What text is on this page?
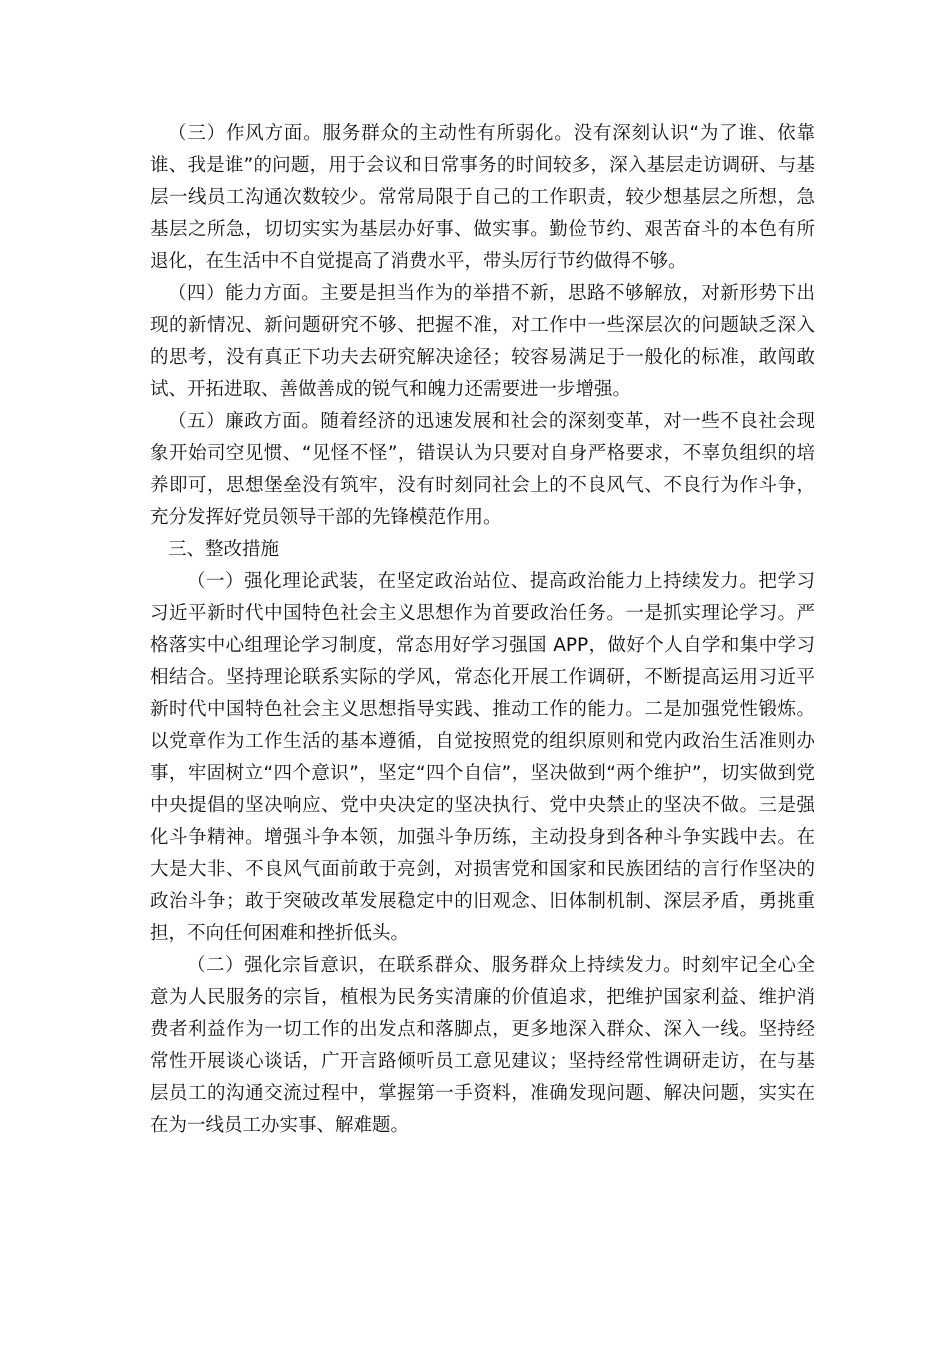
（三）作风方面。服务群众的主动性有所弱化。没有深刻认识“为了谁、依靠谁、我是谁”的问题，用于会议和日常事务的时间较多，深入基层走访调研、与基层一线员工沟通次数较少。常常局限于自己的工作职责，较少想基层之所想，急基层之所急，切切实实为基层办好事、做实事。勤俭节约、艰苦奋斗的本色有所退化，在生活中不自觉提高了消费水平，带头厉行节约做得不够。

（四）能力方面。主要是担当作为的举措不新，思路不够解放，对新形势下出现的新情况、新问题研究不够、把握不准，对工作中一些深层次的问题缺乏深入的思考，没有真正下功夫去研究解决途径；较容易满足于一般化的标准，敢闯敢试、开拓进取、善做善成的锐气和魄力还需要进一步增强。

（五）廉政方面。随着经济的迅速发展和社会的深刻变革，对一些不良社会现象开始司空见惯、“见怪不怪”，错误认为只要对自身严格要求，不辜负组织的培养即可，思想堡垒没有筑牢，没有时刻同社会上的不良风气、不良行为作斗争，充分发挥好党员领导干部的先锋模范作用。

三、整改措施

（一）强化理论武装，在坚定政治站位、提高政治能力上持续发力。把学习习近平新时代中国特色社会主义思想作为首要政治任务。一是抓实理论学习。严格落实中心组理论学习制度，常态用好学习强国 APP，做好个人自学和集中学习相结合。坚持理论联系实际的学风，常态化开展工作调研，不断提高运用习近平新时代中国特色社会主义思想指导实践、推动工作的能力。二是加强党性锻炼。以党章作为工作生活的基本遵循，自觉按照党的组织原则和党内政治生活准则办事，牢固树立“四个意识”，坚定“四个自信”，坚决做到“两个维护”，切实做到党中央提倡的坚决响应、党中央决定的坚决执行、党中央禁止的坚决不做。三是强化斗争精神。增强斗争本领，加强斗争历练，主动投身到各种斗争实践中去。在大是大非、不良风气面前敢于亮剑，对损害党和国家和民族团结的言行作坚决的政治斗争；敢于突破改革发展稳定中的旧观念、旧体制机制、深层矛盾，勇挑重担，不向任何困难和挫折低头。

（二）强化宗旨意识，在联系群众、服务群众上持续发力。时刻牢记全心全意为人民服务的宗旨，植根为民务实清廉的价值追求，把维护国家利益、维护消费者利益作为一切工作的出发点和落脚点，更多地深入群众、深入一线。坚持经常性开展谈心谈话，广开言路倾听员工意见建议；坚持经常性调研走访，在与基层员工的沟通交流过程中，掌握第一手资料，准确发现问题、解决问题，实实在在为一线员工办实事、解难题。
